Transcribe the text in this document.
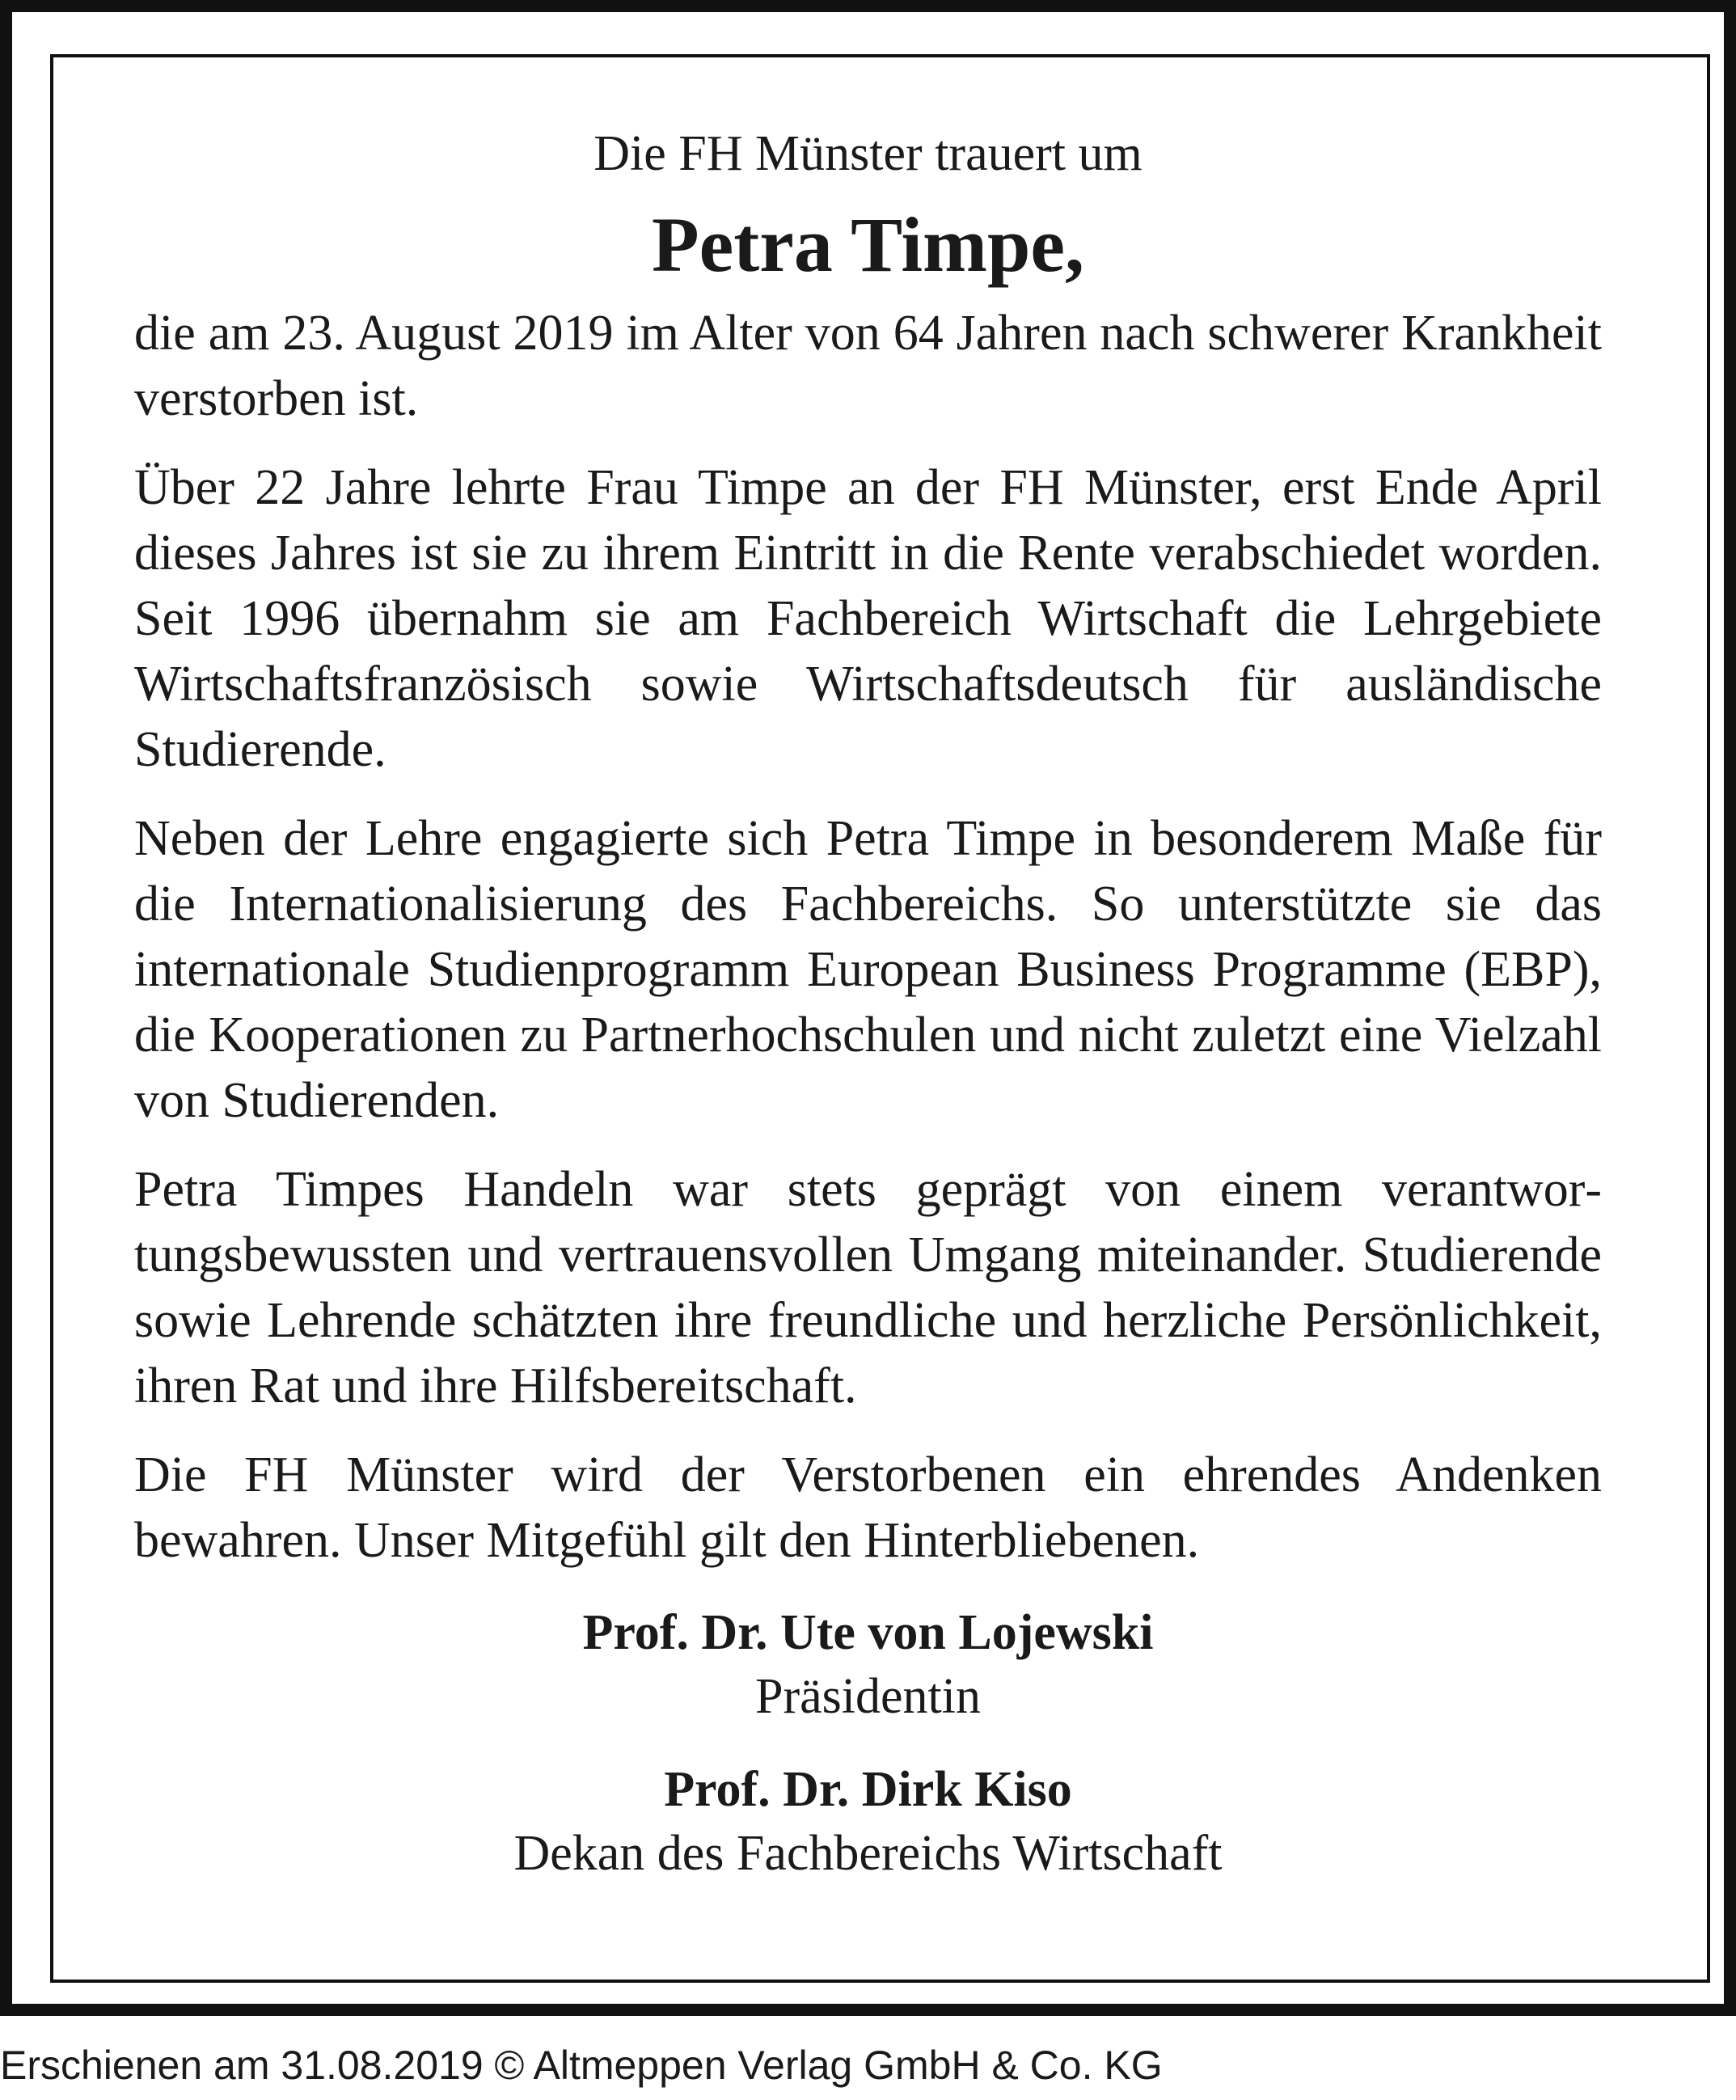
Die FH Münster trauert um

Petra Timpe,

die am 23. August 2019 im Alter von 64 Jahren nach schwerer Krankheit verstorben ist.

Über 22 Jahre lehrte Frau Timpe an der FH Münster, erst Ende April dieses Jahres ist sie zu ihrem Eintritt in die Rente verabschiedet worden. Seit 1996 übernahm sie am Fachbereich Wirtschaft die Lehrgebiete Wirtschaftsfranzösisch sowie Wirtschaftsdeutsch für ausländische Studierende.

Neben der Lehre engagierte sich Petra Timpe in besonderem Maße für die Internationalisierung des Fachbereichs. So unterstützte sie das internationale Studienprogramm European Business Programme (EBP), die Kooperationen zu Partnerhochschulen und nicht zuletzt eine Vielzahl von Studierenden.

Petra Timpes Handeln war stets geprägt von einem verantwortungsbewussten und vertrauensvollen Umgang miteinander. Studierende sowie Lehrende schätzten ihre freundliche und herzliche Persönlichkeit, ihren Rat und ihre Hilfsbereitschaft.

Die FH Münster wird der Verstorbenen ein ehrendes Andenken bewahren. Unser Mitgefühl gilt den Hinterbliebenen.

Prof. Dr. Ute von Lojewski

Präsidentin

Prof. Dr. Dirk Kiso

Dekan des Fachbereichs Wirtschaft

Erschienen am 31.08.2019 © Altmeppen Verlag GmbH & Co. KG
